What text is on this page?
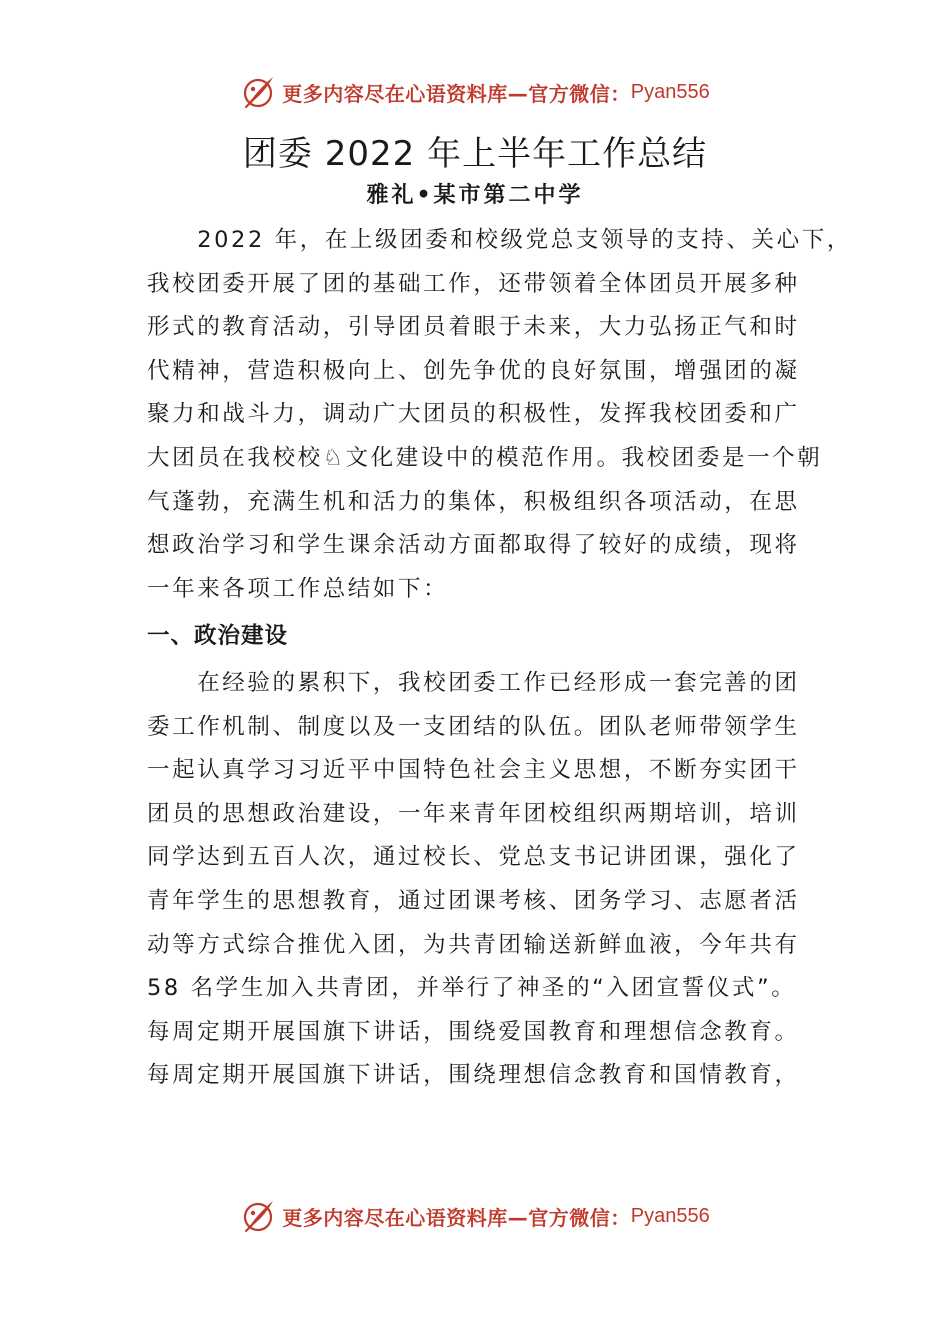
更多内容尽在心语资料库 —官方微信： Pyan556
团委 2022 年上半年工作总结
雅礼•某市第二中学
　　2022 年，在上级团委和校级党总支领导的支持、关心下，
我校团委开展了团的基础工作，还带领着全体团员开展多种
形式的教育活动，引导团员着眼于未来，大力弘扬正气和时
代精神，营造积极向上、创先争优的良好氛围，增强团的凝
聚力和战斗力，调动广大团员的积极性，发挥我校团委和广
大团员在我校校♘文化建设中的模范作用。我校团委是一个朝
气蓬勃，充满生机和活力的集体，积极组织各项活动，在思
想政治学习和学生课余活动方面都取得了较好的成绩，现将
一年来各项工作总结如下：
一、政治建设
　　在经验的累积下，我校团委工作已经形成一套完善的团
委工作机制、制度以及一支团结的队伍。团队老师带领学生
一起认真学习习近平中国特色社会主义思想，不断夯实团干
团员的思想政治建设，一年来青年团校组织两期培训，培训
同学达到五百人次，通过校长、党总支书记讲团课，强化了
青年学生的思想教育，通过团课考核、团务学习、志愿者活
动等方式综合推优入团，为共青团输送新鲜血液，今年共有
58 名学生加入共青团，并举行了神圣的“入团宣誓仪式”。
每周定期开展国旗下讲话，围绕爱国教育和理想信念教育。
每周定期开展国旗下讲话，围绕理想信念教育和国情教育，
更多内容尽在心语资料库 —官方微信： Pyan556
